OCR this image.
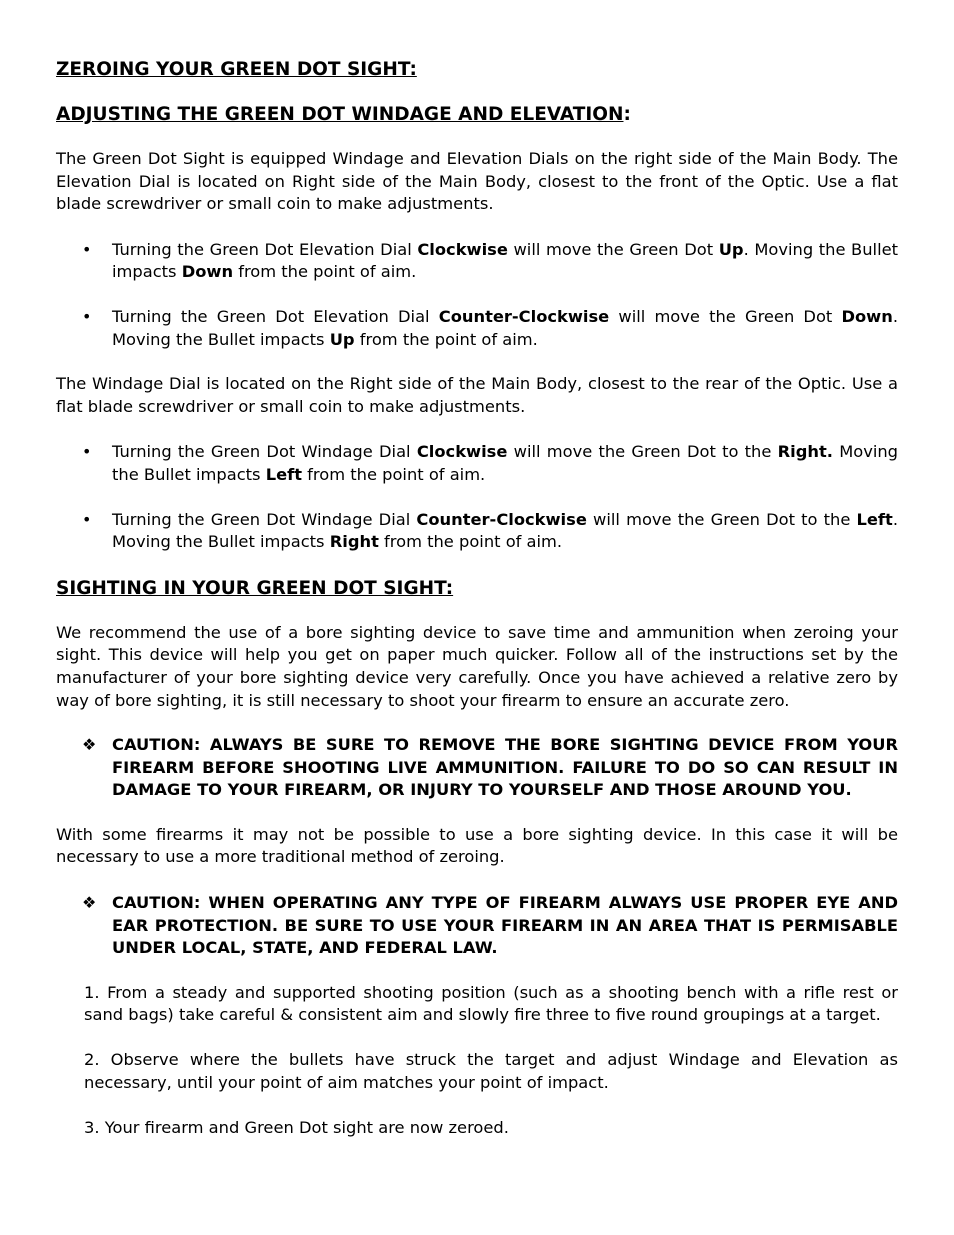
ZEROING YOUR GREEN DOT SIGHT:
ADJUSTING THE GREEN DOT WINDAGE AND ELEVATION:

The Green Dot Sight is equipped Windage and Elevation Dials on the right side of the Main Body. The Elevation Dial is located on Right side of the Main Body, closest to the front of the Optic. Use a flat blade screwdriver or small coin to make adjustments.

• Turning the Green Dot Elevation Dial Clockwise will move the Green Dot Up. Moving the Bullet impacts Down from the point of aim.
• Turning the Green Dot Elevation Dial Counter-Clockwise will move the Green Dot Down. Moving the Bullet impacts Up from the point of aim.

The Windage Dial is located on the Right side of the Main Body, closest to the rear of the Optic. Use a flat blade screwdriver or small coin to make adjustments.

• Turning the Green Dot Windage Dial Clockwise will move the Green Dot to the Right. Moving the Bullet impacts Left from the point of aim.
• Turning the Green Dot Windage Dial Counter-Clockwise will move the Green Dot to the Left. Moving the Bullet impacts Right from the point of aim.
SIGHTING IN YOUR GREEN DOT SIGHT:

We recommend the use of a bore sighting device to save time and ammunition when zeroing your sight. This device will help you get on paper much quicker. Follow all of the instructions set by the manufacturer of your bore sighting device very carefully. Once you have achieved a relative zero by way of bore sighting, it is still necessary to shoot your firearm to ensure an accurate zero.

❖ CAUTION: ALWAYS BE SURE TO REMOVE THE BORE SIGHTING DEVICE FROM YOUR FIREARM BEFORE SHOOTING LIVE AMMUNITION. FAILURE TO DO SO CAN RESULT IN DAMAGE TO YOUR FIREARM, OR INJURY TO YOURSELF AND THOSE AROUND YOU.

With some firearms it may not be possible to use a bore sighting device. In this case it will be necessary to use a more traditional method of zeroing.

❖ CAUTION: WHEN OPERATING ANY TYPE OF FIREARM ALWAYS USE PROPER EYE AND EAR PROTECTION. BE SURE TO USE YOUR FIREARM IN AN AREA THAT IS PERMISABLE UNDER LOCAL, STATE, AND FEDERAL LAW.

1. From a steady and supported shooting position (such as a shooting bench with a rifle rest or sand bags) take careful & consistent aim and slowly fire three to five round groupings at a target.

2. Observe where the bullets have struck the target and adjust Windage and Elevation as necessary, until your point of aim matches your point of impact.

3. Your firearm and Green Dot sight are now zeroed.
